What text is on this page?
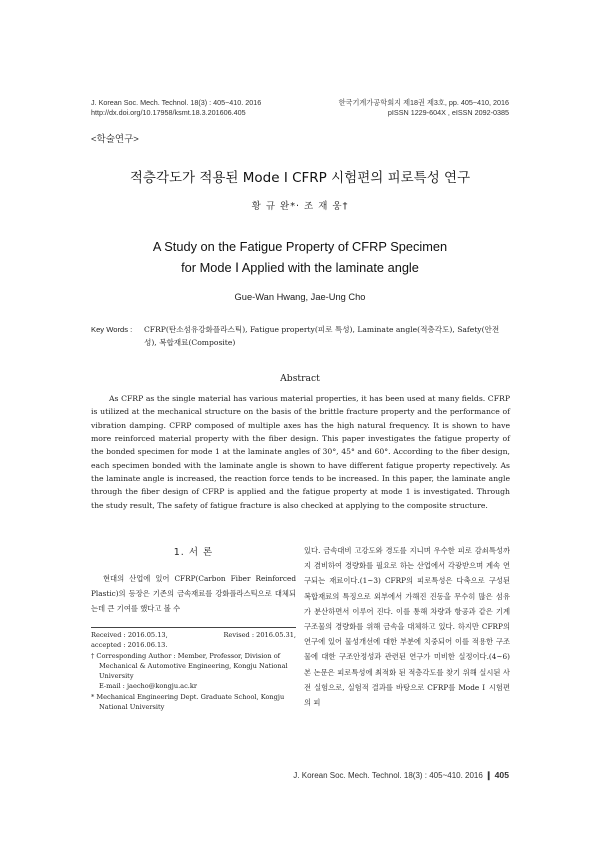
J. Korean Soc. Mech. Technol. 18(3) : 405~410. 2016
http://dx.doi.org/10.17958/ksmt.18.3.201606.405
한국기계가공학회지 제18권 제3호, pp. 405~410, 2016
pISSN 1229-604X , eISSN 2092-0385
<학술연구>
적층각도가 적용된 Mode Ⅰ CFRP 시험편의 피로특성 연구
황 규 완*· 조 재 웅†
A Study on the Fatigue Property of CFRP Specimen
for Mode Ⅰ Applied with the laminate angle
Gue-Wan Hwang, Jae-Ung Cho
Key Words : CFRP(탄소섬유강화플라스틱), Fatigue property(피로 특성), Laminate angle(적층각도), Safety(안전성), 복합재료(Composite)
Abstract
As CFRP as the single material has various material properties, it has been used at many fields. CFRP is utilized at the mechanical structure on the basis of the brittle fracture property and the performance of vibration damping. CFRP composed of multiple axes has the high natural frequency. It is shown to have more reinforced material property with the fiber design. This paper investigates the fatigue property of the bonded specimen for mode 1 at the laminate angles of 30°, 45° and 60°. According to the fiber design, each specimen bonded with the laminate angle is shown to have different fatigue property repectively. As the laminate angle is increased, the reaction force tends to be increased. In this paper, the laminate angle through the fiber design of CFRP is applied and the fatigue property at mode 1 is investigated. Through the study result, The safety of fatigue fracture is also checked at applying to the composite structure.
1. 서 론
현대의 산업에 있어 CFRP(Carbon Fiber Reinforced Plastic)의 등장은 기존의 금속재료를 강화플라스틱으로 대체되는데 큰 기여를 했다고 볼 수
있다. 금속대비 고강도와 경도를 지니며 우수한 피로 감쇠특성까지 겸비하여 경량화를 필요로 하는 산업에서 각광받으며 계속 연구되는 재료이다.(1~3) CFRP의 피로특성은 다축으로 구성된 복합재료의 특징으로 외부에서 가해진 진동을 무수히 많은 섬유가 분산하면서 이루어 진다. 이를 통해 차량과 항공과 같은 기계구조물의 경량화를 위해 금속을 대체하고 있다. 하지만 CFRP의 연구에 있어 물성개선에 대한 부분에 치중되어 이를 적용한 구조물에 대한 구조안정성과 관련된 연구가 미비한 실정이다.(4~6) 본 논문은 피로특성에 최적화 된 적층각도를 찾기 위해 실시된 사전 실험으로, 실험적 결과를 바탕으로 CFRP를 Mode Ⅰ 시험편의 피
Received : 2016.05.13,	Revised : 2016.05.31,
accepted : 2016.06.13.
† Corresponding Author : Member, Professor, Division of Mechanical & Automotive Engineering, Kongju National University
E-mail : jaecho@kongju.ac.kr
* Mechanical Engineering Dept. Graduate School, Kongju National University
J. Korean Soc. Mech. Technol. 18(3) : 405~410. 2016 ❙ 405
